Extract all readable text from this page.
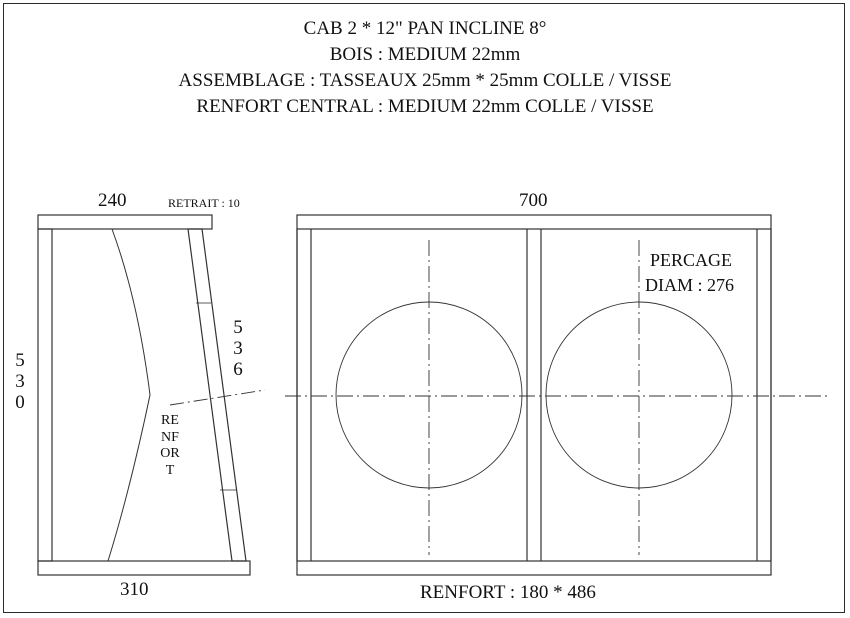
CAB 2 * 12" PAN INCLINE 8°
BOIS : MEDIUM 22mm
ASSEMBLAGE : TASSEAUX 25mm * 25mm COLLE / VISSE
RENFORT CENTRAL : MEDIUM 22mm COLLE / VISSE
240	RETRAIT : 10
310
5
3
0
5
3
6
RENFORT
700
PERCAGE
DIAM : 276
RENFORT : 180 * 486
